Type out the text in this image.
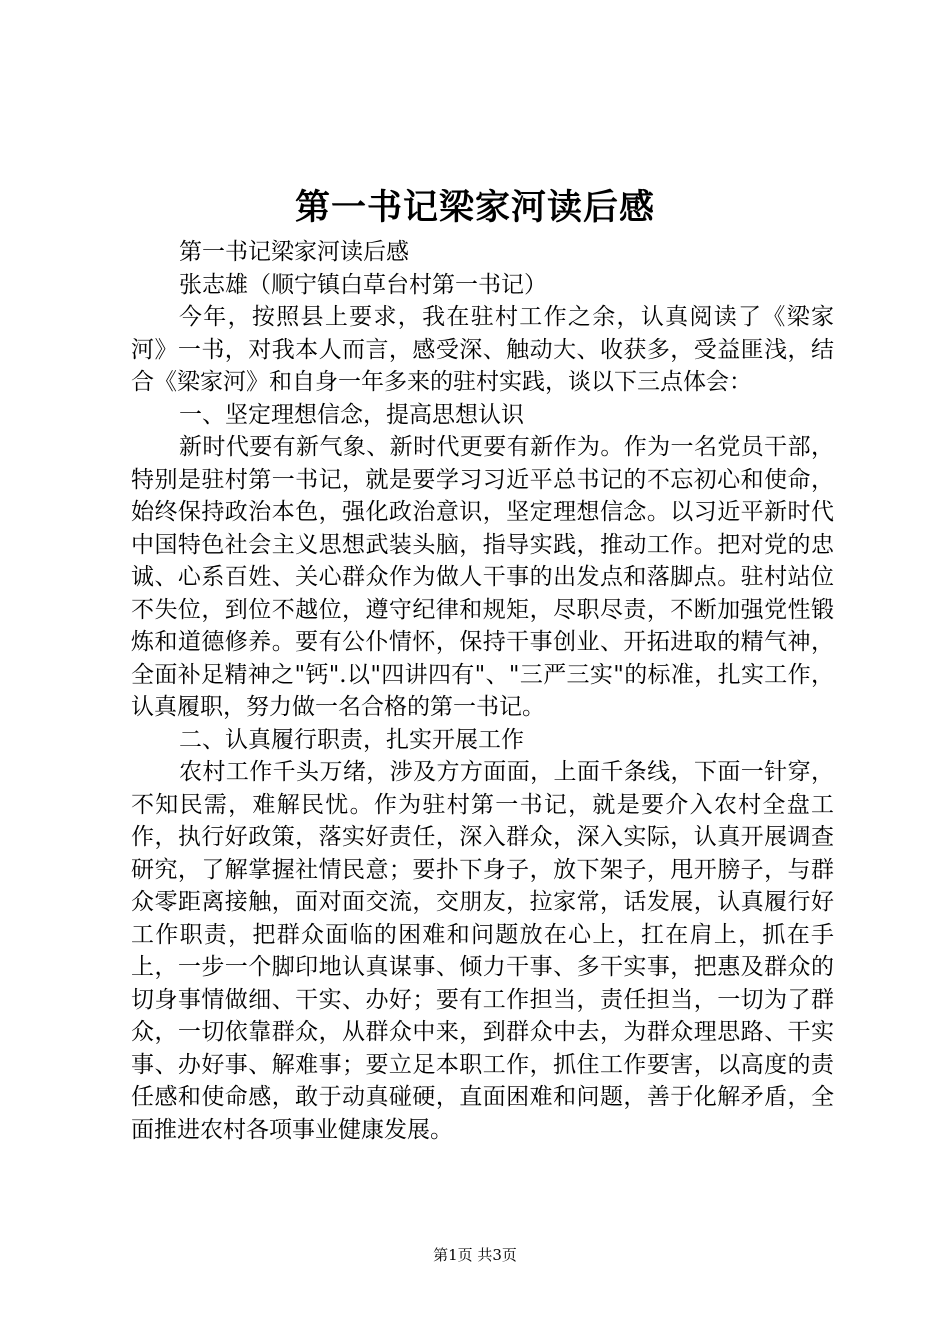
第一书记梁家河读后感

第一书记梁家河读后感

张志雄（顺宁镇白草台村第一书记）

今年，按照县上要求，我在驻村工作之余，认真阅读了《梁家河》一书，对我本人而言，感受深、触动大、收获多，受益匪浅，结合《梁家河》和自身一年多来的驻村实践，谈以下三点体会：

一、坚定理想信念，提高思想认识

新时代要有新气象、新时代更要有新作为。作为一名党员干部，特别是驻村第一书记，就是要学习习近平总书记的不忘初心和使命，始终保持政治本色，强化政治意识，坚定理想信念。以习近平新时代中国特色社会主义思想武装头脑，指导实践，推动工作。把对党的忠诚、心系百姓、关心群众作为做人干事的出发点和落脚点。驻村站位不失位，到位不越位，遵守纪律和规矩，尽职尽责，不断加强党性锻炼和道德修养。要有公仆情怀，保持干事创业、开拓进取的精气神，全面补足精神之"钙".以"四讲四有"、"三严三实"的标准，扎实工作，认真履职，努力做一名合格的第一书记。

二、认真履行职责，扎实开展工作

农村工作千头万绪，涉及方方面面，上面千条线，下面一针穿，不知民需，难解民忧。作为驻村第一书记，就是要介入农村全盘工作，执行好政策，落实好责任，深入群众，深入实际，认真开展调查研究，了解掌握社情民意；要扑下身子，放下架子，甩开膀子，与群众零距离接触，面对面交流，交朋友，拉家常，话发展，认真履行好工作职责，把群众面临的困难和问题放在心上，扛在肩上，抓在手上，一步一个脚印地认真谋事、倾力干事、多干实事，把惠及群众的切身事情做细、干实、办好；要有工作担当，责任担当，一切为了群众，一切依靠群众，从群众中来，到群众中去，为群众理思路、干实事、办好事、解难事；要立足本职工作，抓住工作要害，以高度的责任感和使命感，敢于动真碰硬，直面困难和问题，善于化解矛盾，全面推进农村各项事业健康发展。

第1页 共3页
